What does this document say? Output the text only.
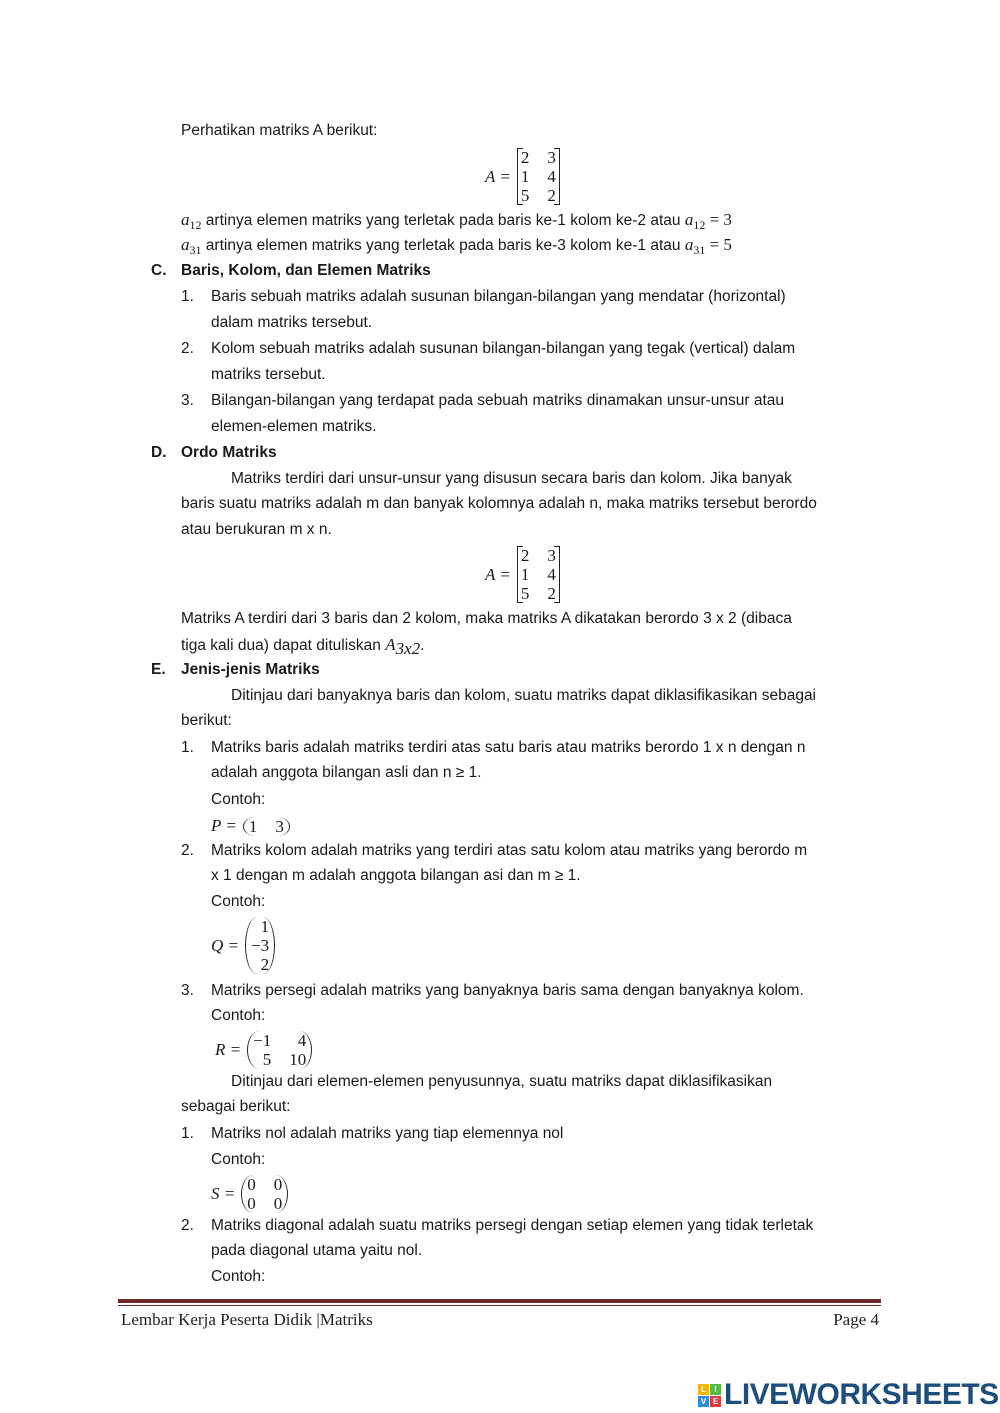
Perhatikan matriks A berikut:
A =
2 3
1 4
5 2
$a_{12}$ artinya elemen matriks yang terletak pada baris ke-1 kolom ke-2 atau $a_{12} = 3$
$a_{31}$ artinya elemen matriks yang terletak pada baris ke-3 kolom ke-1 atau $a_{31} = 5$
C. Baris, Kolom, dan Elemen Matriks
1. Baris sebuah matriks adalah susunan bilangan-bilangan yang mendatar (horizontal)
dalam matriks tersebut.
2. Kolom sebuah matriks adalah susunan bilangan-bilangan yang tegak (vertical) dalam
matriks tersebut.
3. Bilangan-bilangan yang terdapat pada sebuah matriks dinamakan unsur-unsur atau
elemen-elemen matriks.
D. Ordo Matriks
Matriks terdiri dari unsur-unsur yang disusun secara baris dan kolom. Jika banyak
baris suatu matriks adalah m dan banyak kolomnya adalah n, maka matriks tersebut berordo
atau berukuran m x n.
A =
2 3
1 4
5 2
Matriks A terdiri dari 3 baris dan 2 kolom, maka matriks A dikatakan berordo 3 x 2 (dibaca
tiga kali dua) dapat dituliskan $A_{3x2}$.
E. Jenis-jenis Matriks
Ditinjau dari banyaknya baris dan kolom, suatu matriks dapat diklasifikasikan sebagai
berikut:
1. Matriks baris adalah matriks terdiri atas satu baris atau matriks berordo 1 x n dengan n
adalah anggota bilangan asli dan n ≥ 1.
Contoh:
P = 1 3
2. Matriks kolom adalah matriks yang terdiri atas satu kolom atau matriks yang berordo m
x 1 dengan m adalah anggota bilangan asi dan m ≥ 1.
Contoh:
Q =
1
−3
2
3. Matriks persegi adalah matriks yang banyaknya baris sama dengan banyaknya kolom.
Contoh:
R = −1	4
5 10
Ditinjau dari elemen-elemen penyusunnya, suatu matriks dapat diklasifikasikan
sebagai berikut:
1. Matriks nol adalah matriks yang tiap elemennya nol
Contoh:
S = 0 0
0 0
2. Matriks diagonal adalah suatu matriks persegi dengan setiap elemen yang tidak terletak
pada diagonal utama yaitu nol.
Contoh:
Lembar Kerja Peserta Didik |Matriks	Page 4
L	I
V E LIVEWORKSHEETS
